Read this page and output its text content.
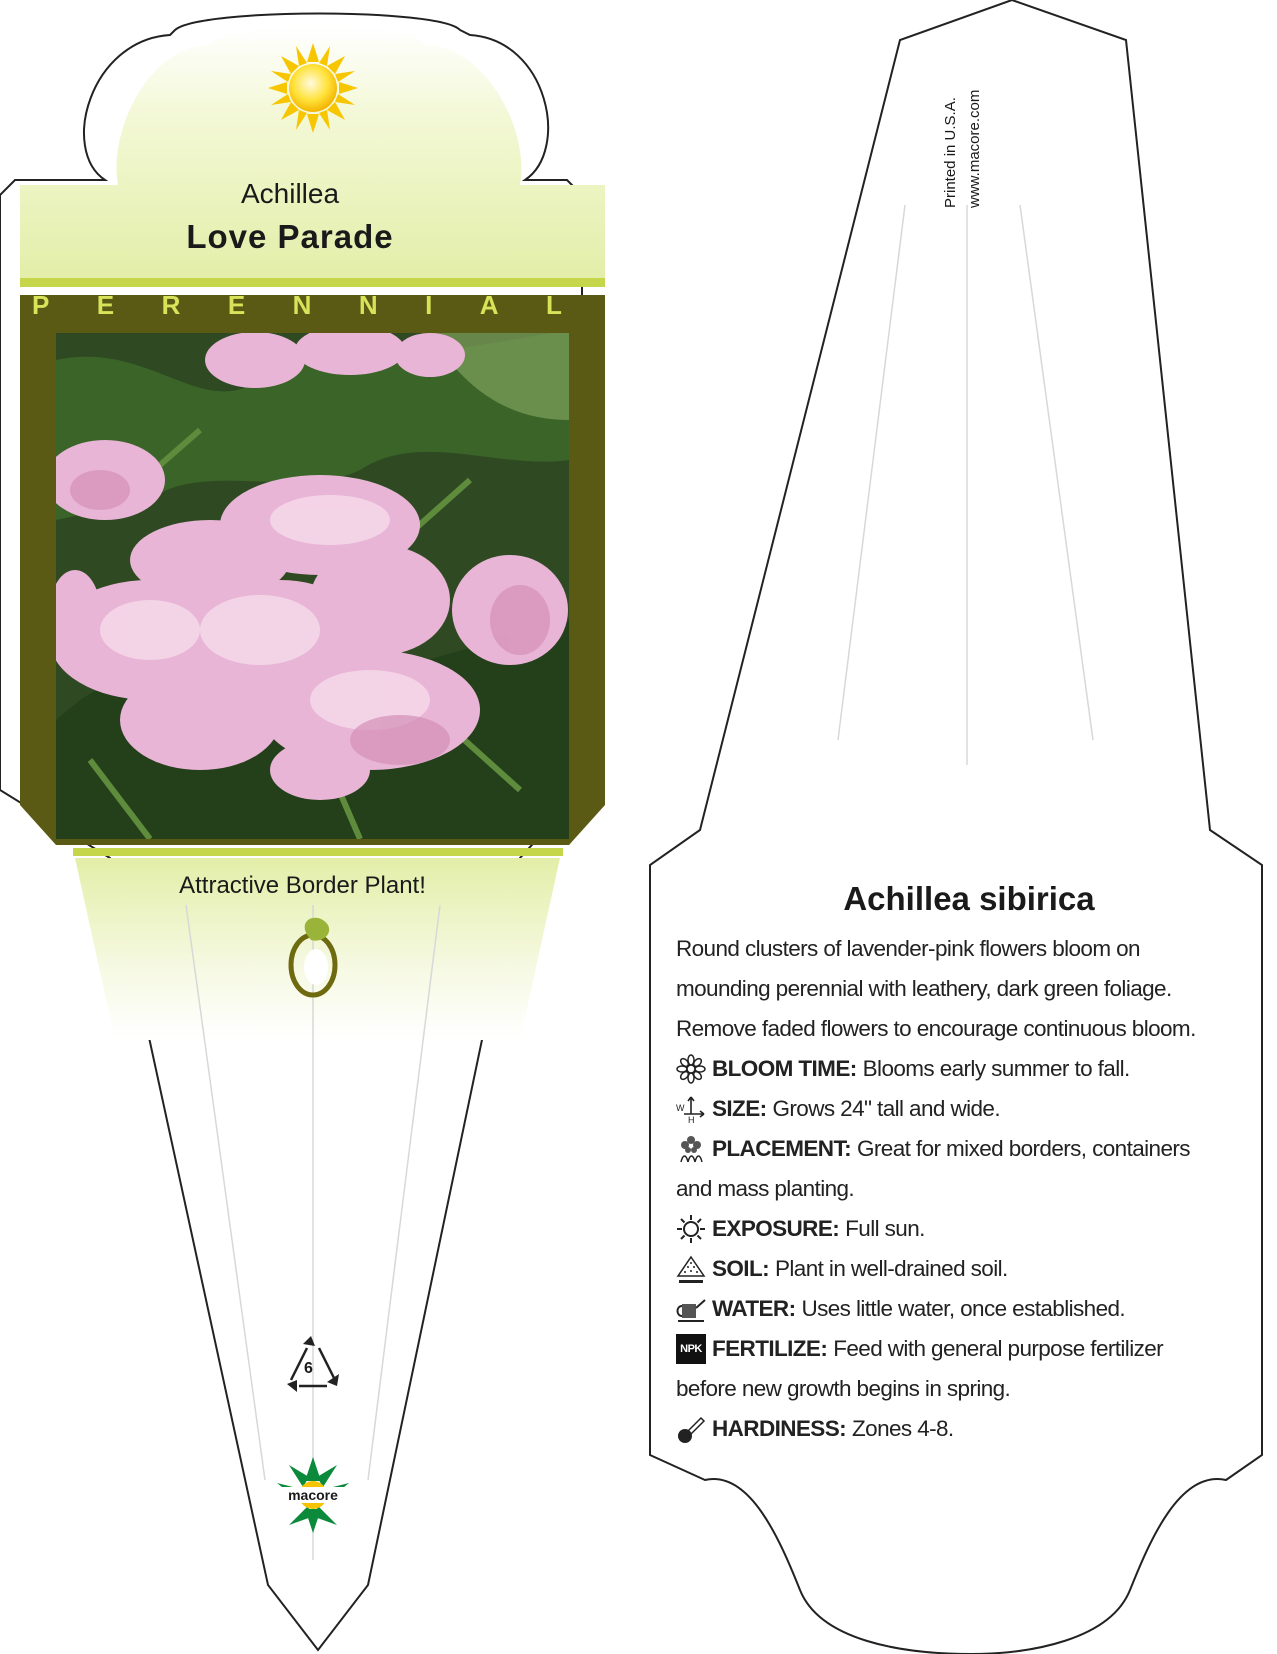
Achillea
Love Parade
P E R E N N I A L
Attractive Border Plant!
6
macore
Printed in U.S.A. www.macore.com
Achillea sibirica
Round clusters of lavender-pink flowers bloom on
mounding perennial with leathery, dark green foliage.
Remove faded flowers to encourage continuous bloom.
BLOOM TIME: Blooms early summer to fall.
W
H SIZE: Grows 24" tall and wide.
PLACEMENT: Great for mixed borders, containers
and mass planting.
EXPOSURE: Full sun.
SOIL: Plant in well-drained soil.
WATER: Uses little water, once established.
NPK FERTILIZE: Feed with general purpose fertilizer
before new growth begins in spring.
HARDINESS: Zones 4-8.
